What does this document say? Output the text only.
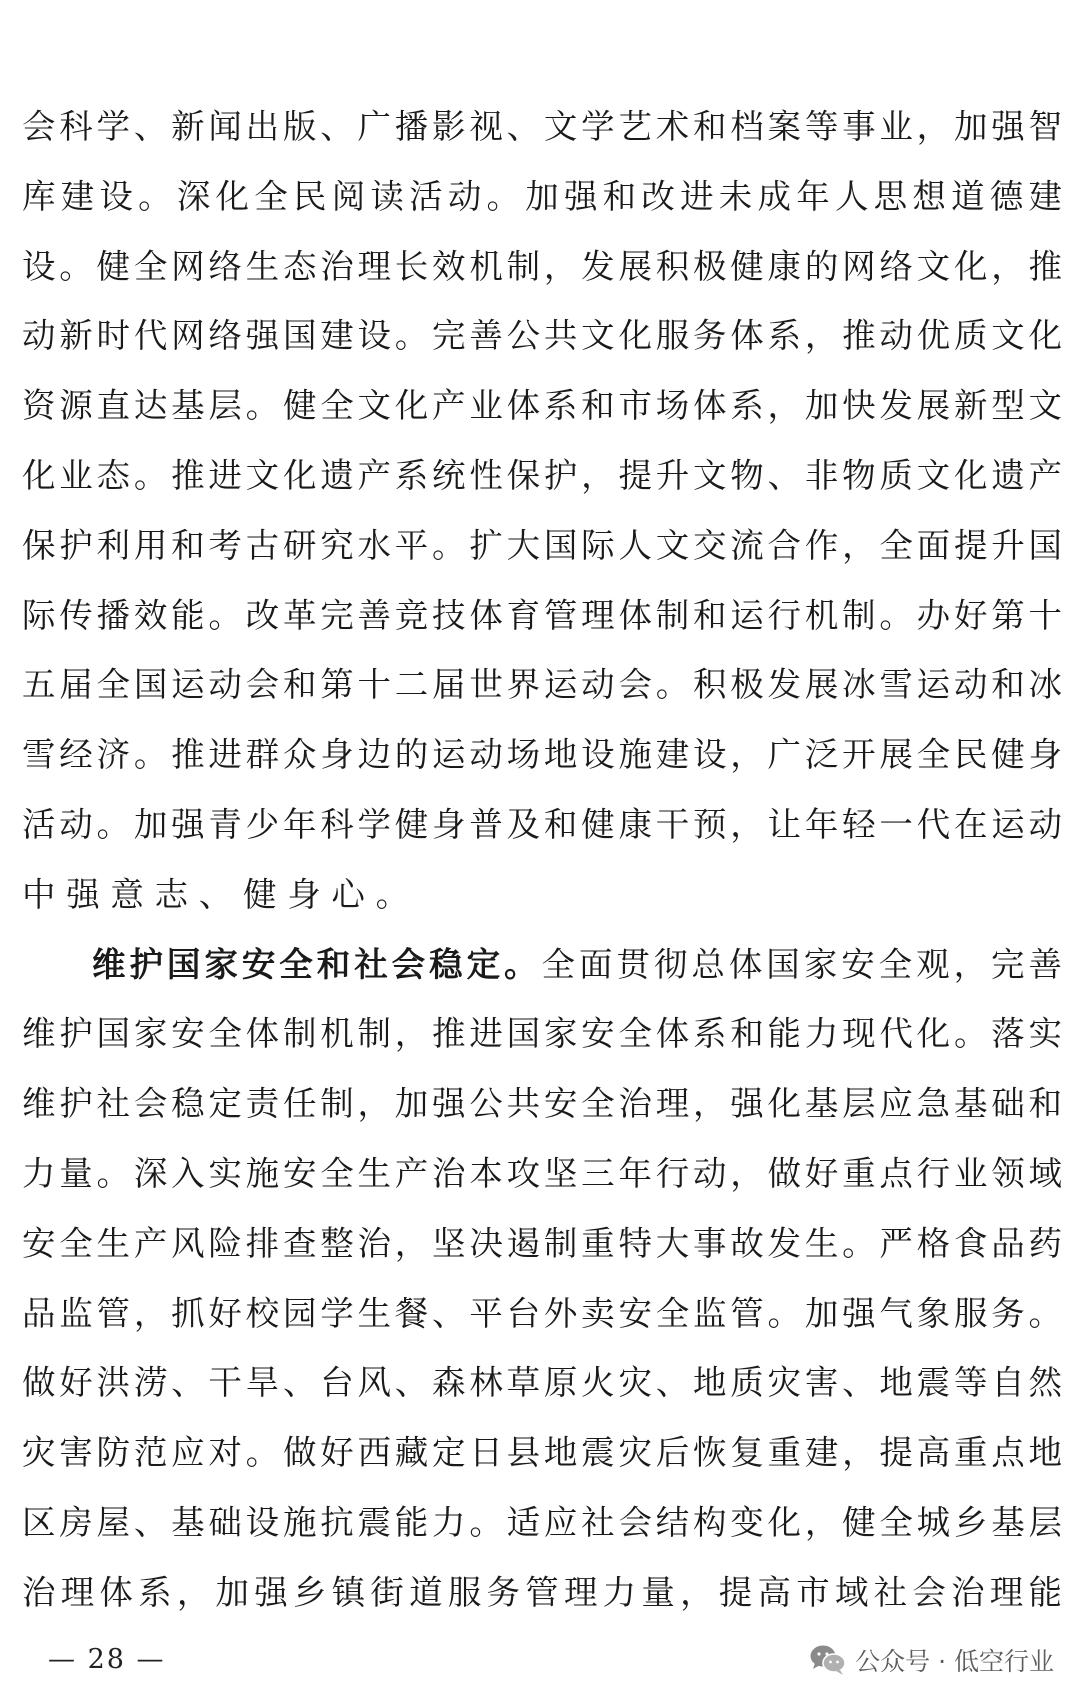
会科学、新闻出版、广播影视、文学艺术和档案等事业，加强智
库建设。深化全民阅读活动。加强和改进未成年人思想道德建
设。健全网络生态治理长效机制，发展积极健康的网络文化，推
动新时代网络强国建设。完善公共文化服务体系，推动优质文化
资源直达基层。健全文化产业体系和市场体系，加快发展新型文
化业态。推进文化遗产系统性保护，提升文物、非物质文化遗产
保护利用和考古研究水平。扩大国际人文交流合作，全面提升国
际传播效能。改革完善竞技体育管理体制和运行机制。办好第十
五届全国运动会和第十二届世界运动会。积极发展冰雪运动和冰
雪经济。推进群众身边的运动场地设施建设，广泛开展全民健身
活动。加强青少年科学健身普及和健康干预，让年轻一代在运动
中强意志、健身心。
维护国家安全和社会稳定。全面贯彻总体国家安全观，完善
维护国家安全体制机制，推进国家安全体系和能力现代化。落实
维护社会稳定责任制，加强公共安全治理，强化基层应急基础和
力量。深入实施安全生产治本攻坚三年行动，做好重点行业领域
安全生产风险排查整治，坚决遏制重特大事故发生。严格食品药
品监管，抓好校园学生餐、平台外卖安全监管。加强气象服务。
做好洪涝、干旱、台风、森林草原火灾、地质灾害、地震等自然
灾害防范应对。做好西藏定日县地震灾后恢复重建，提高重点地
区房屋、基础设施抗震能力。适应社会结构变化，健全城乡基层
治理体系，加强乡镇街道服务管理力量，提高市域社会治理能
— 28 —	公众号 · 低空行业
